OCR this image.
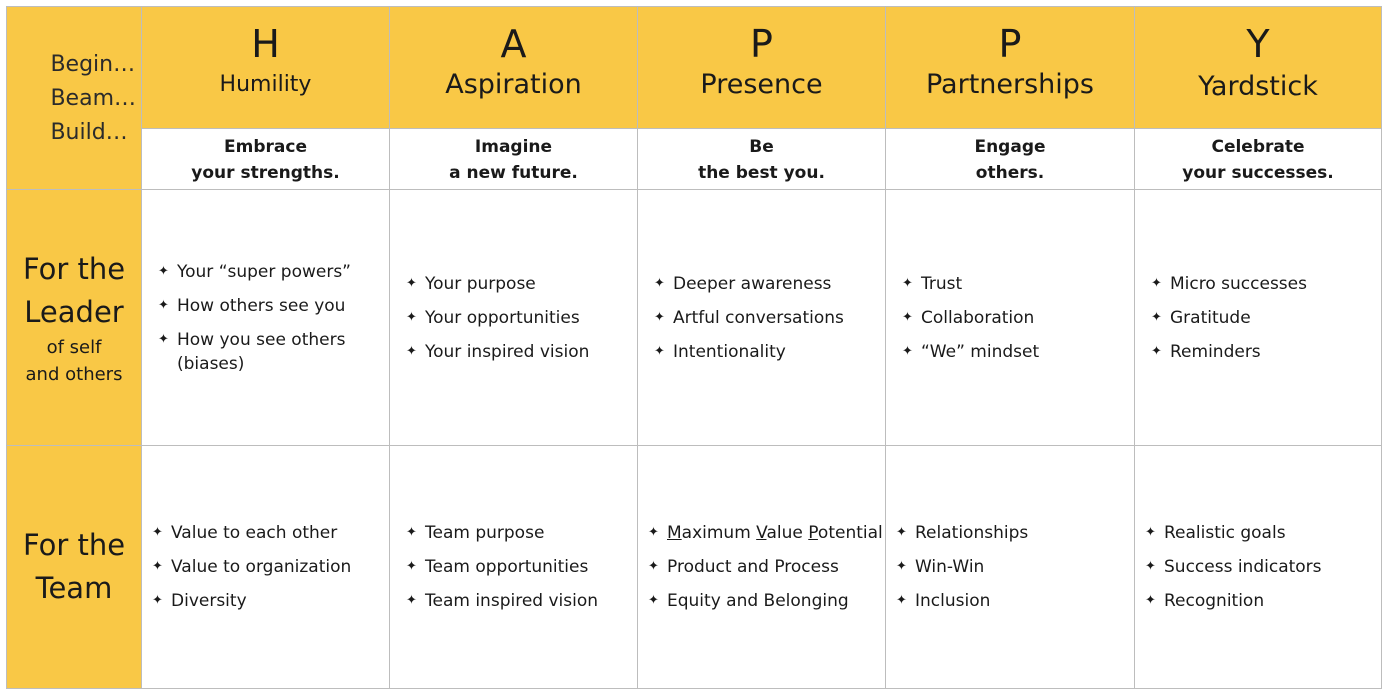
Begin…
Beam…
Build…
H
Humility
A
Aspiration
P
Presence
P
Partnerships
Y
Yardstick
Embrace
your strengths.
Imagine
a new future.
Be
the best you.
Engage
others.
Celebrate
your successes.
For the
Leader
of self
and others
✦ Your “super powers”
✦ How others see you
✦ How you see others (biases)
✦ Your purpose
✦ Your opportunities
✦ Your inspired vision
✦ Deeper awareness
✦ Artful conversations
✦ Intentionality
✦ Trust
✦ Collaboration
✦ “We” mindset
✦ Micro successes
✦ Gratitude
✦ Reminders
For the
Team
✦ Value to each other
✦ Value to organization
✦ Diversity
✦ Team purpose
✦ Team opportunities
✦ Team inspired vision
✦ Maximum Value Potential
✦ Product and Process
✦ Equity and Belonging
✦ Relationships
✦ Win-Win
✦ Inclusion
✦ Realistic goals
✦ Success indicators
✦ Recognition
